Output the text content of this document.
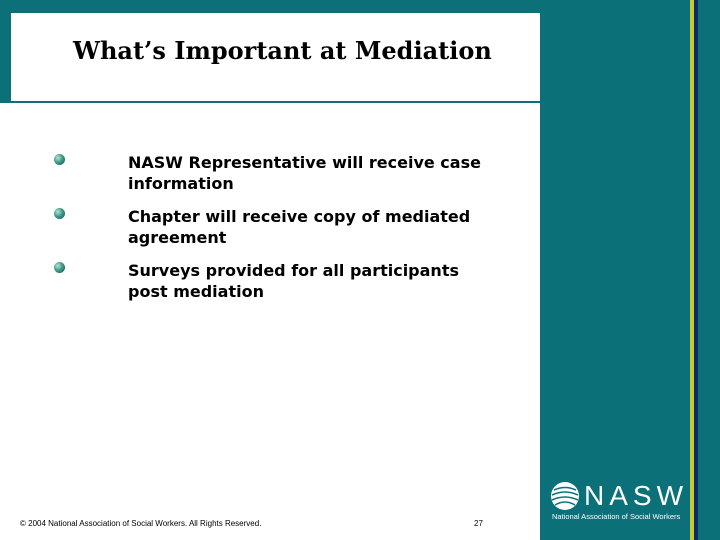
What’s Important at Mediation
NASW Representative will receive case information
Chapter will receive copy of mediated agreement
Surveys provided for all participants post mediation
© 2004 National Association of Social Workers. All Rights Reserved.	27
NASW
National Association of Social Workers
